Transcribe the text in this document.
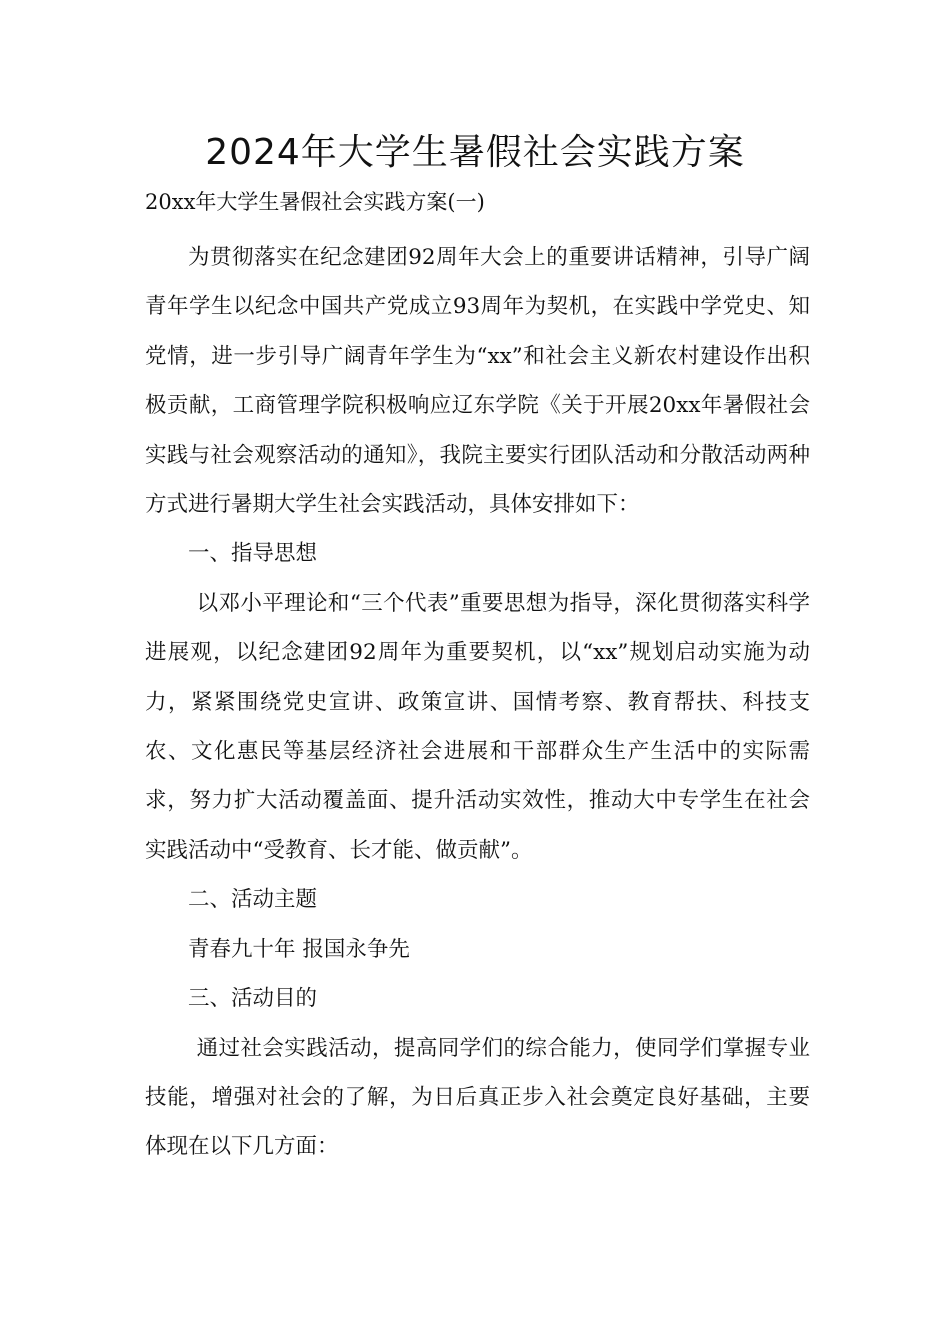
2024年大学生暑假社会实践方案

20xx年大学生暑假社会实践方案(一)

为贯彻落实在纪念建团92周年大会上的重要讲话精神，引导广阔青年学生以纪念中国共产党成立93周年为契机，在实践中学党史、知党情，进一步引导广阔青年学生为“xx”和社会主义新农村建设作出积极贡献，工商管理学院积极响应辽东学院《关于开展20xx年暑假社会实践与社会观察活动的通知》，我院主要实行团队活动和分散活动两种方式进行暑期大学生社会实践活动，具体安排如下：

一、指导思想

以邓小平理论和“三个代表”重要思想为指导，深化贯彻落实科学进展观，以纪念建团92周年为重要契机，以“xx”规划启动实施为动力，紧紧围绕党史宣讲、政策宣讲、国情考察、教育帮扶、科技支农、文化惠民等基层经济社会进展和干部群众生产生活中的实际需求，努力扩大活动覆盖面、提升活动实效性，推动大中专学生在社会实践活动中“受教育、长才能、做贡献”。

二、活动主题

青春九十年 报国永争先

三、活动目的

通过社会实践活动，提高同学们的综合能力，使同学们掌握专业技能，增强对社会的了解，为日后真正步入社会奠定良好基础，主要体现在以下几方面：
